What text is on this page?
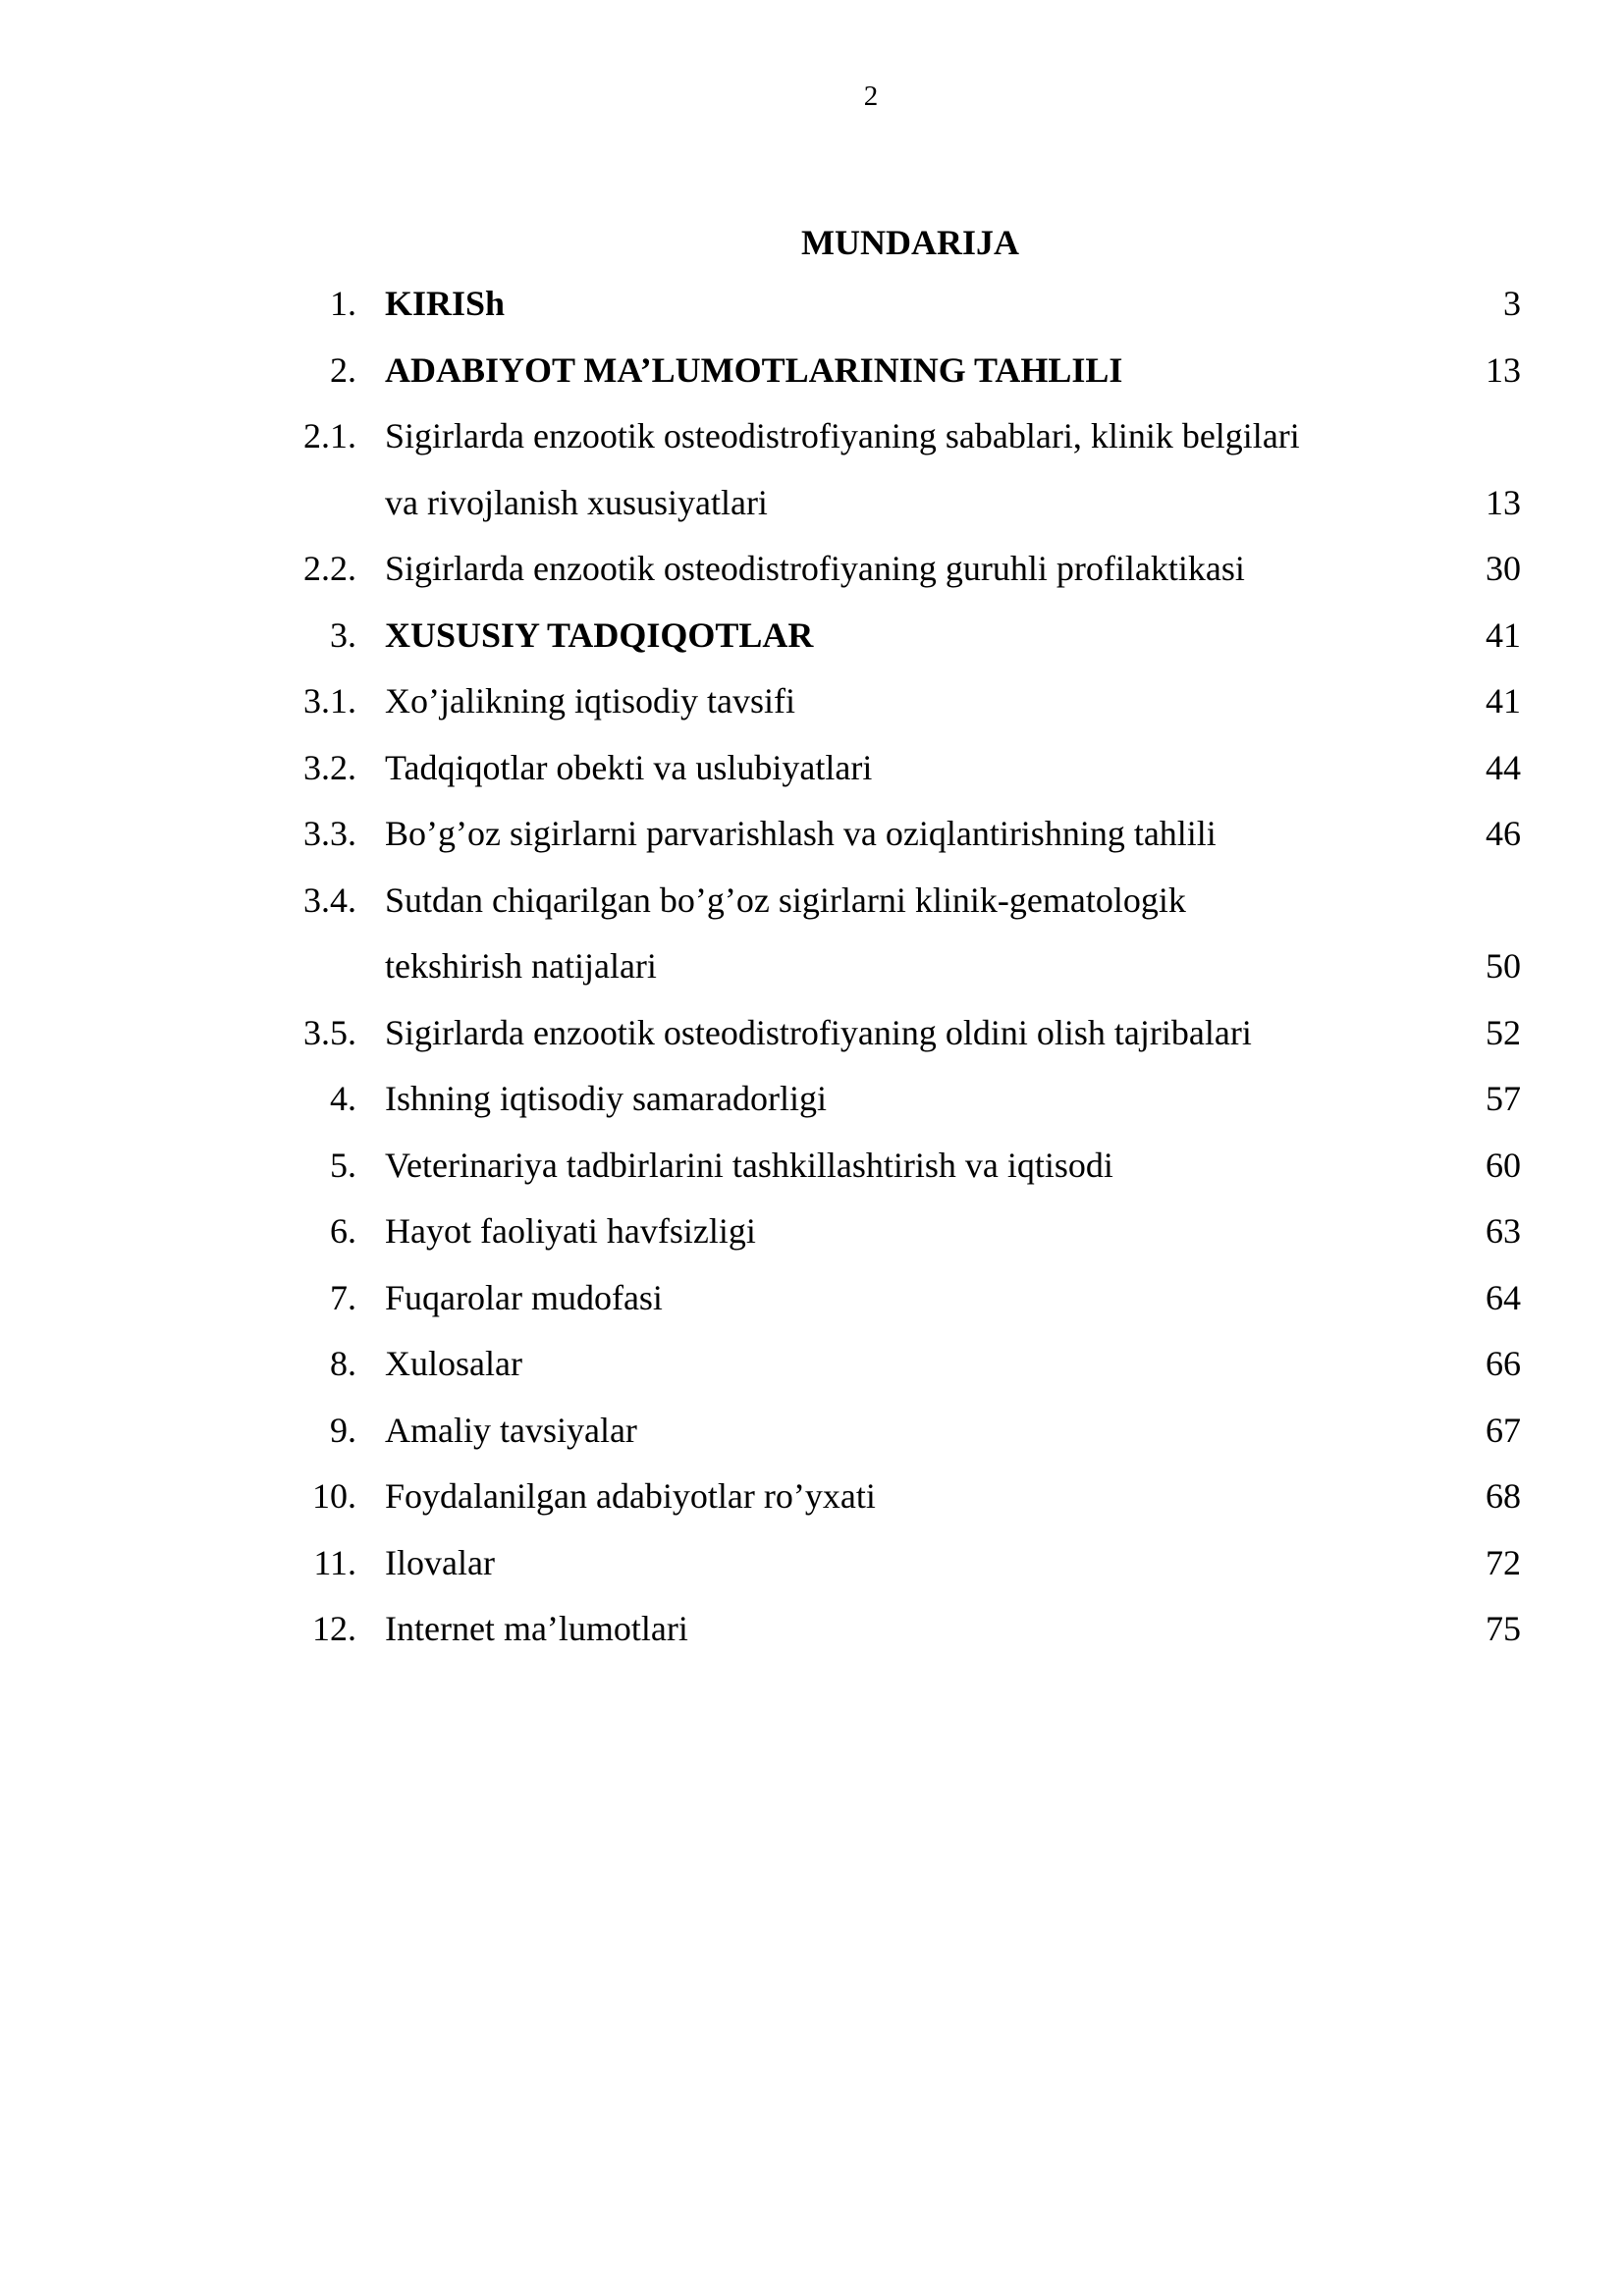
2
MUNDARIJA
1. KIRISh	3
2. ADABIYOT MA’LUMOTLARINING TAHLILI	13
2.1. Sigirlarda enzootik osteodistrofiyaning sabablari, klinik belgilari
va rivojlanish xususiyatlari	13
2.2. Sigirlarda enzootik osteodistrofiyaning guruhli profilaktikasi	30
3. XUSUSIY TADQIQOTLAR	41
3.1. Xo’jalikning iqtisodiy tavsifi	41
3.2. Tadqiqotlar obekti va uslubiyatlari	44
3.3. Bo’g’oz sigirlarni parvarishlash va oziqlantirishning tahlili	46
3.4. Sutdan chiqarilgan bo’g’oz sigirlarni klinik-gematologik
tekshirish natijalari	50
3.5. Sigirlarda enzootik osteodistrofiyaning oldini olish tajribalari	52
4. Ishning iqtisodiy samaradorligi	57
5. Veterinariya tadbirlarini tashkillashtirish va iqtisodi	60
6. Hayot faoliyati havfsizligi	63
7. Fuqarolar mudofasi	64
8. Xulosalar	66
9. Amaliy tavsiyalar	67
10. Foydalanilgan adabiyotlar ro’yxati	68
11. Ilovalar	72
12. Internet ma’lumotlari	75
